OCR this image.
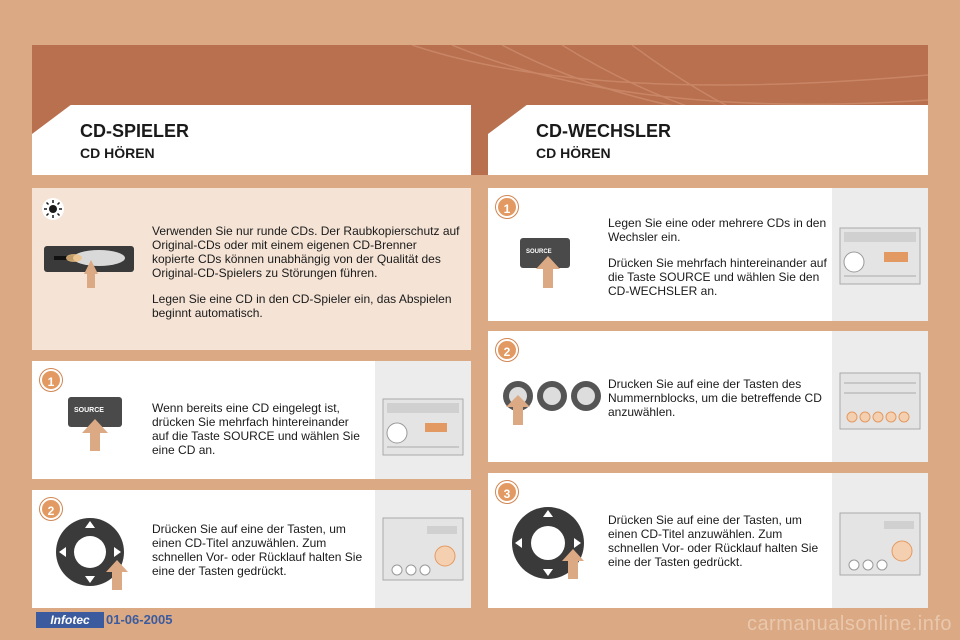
CD-SPIELER
CD HÖREN
CD-WECHSLER
CD HÖREN

Verwenden Sie nur runde CDs. Der Raubkopierschutz auf Original-CDs oder mit einem eigenen CD-Brenner kopierte CDs können unabhängig von der Qualität des Original-CD-Spielers zu Störungen führen.

Legen Sie eine CD in den CD-Spieler ein, das Abspielen beginnt automatisch.

1
SOURCE	Wenn bereits eine CD eingelegt ist, drücken Sie mehrfach hintereinander auf die Taste SOURCE und wählen Sie eine CD an.
2
Drücken Sie auf eine der Tasten, um einen CD-Titel anzuwählen. Zum schnellen Vor- oder Rücklauf halten Sie eine der Tasten gedrückt.
1
SOURCE

Legen Sie eine oder mehrere CDs in den Wechsler ein.

Drücken Sie mehrfach hintereinander auf die Taste SOURCE und wählen Sie den CD-WECHSLER an.

2
Drucken Sie auf eine der Tasten des Nummernblocks, um die betreffende CD anzuwählen.
3
Drücken Sie auf eine der Tasten, um einen CD-Titel anzuwählen. Zum schnellen Vor- oder Rücklauf halten Sie eine der Tasten gedrückt.
Infotec	01-06-2005	carmanualsonline.info
